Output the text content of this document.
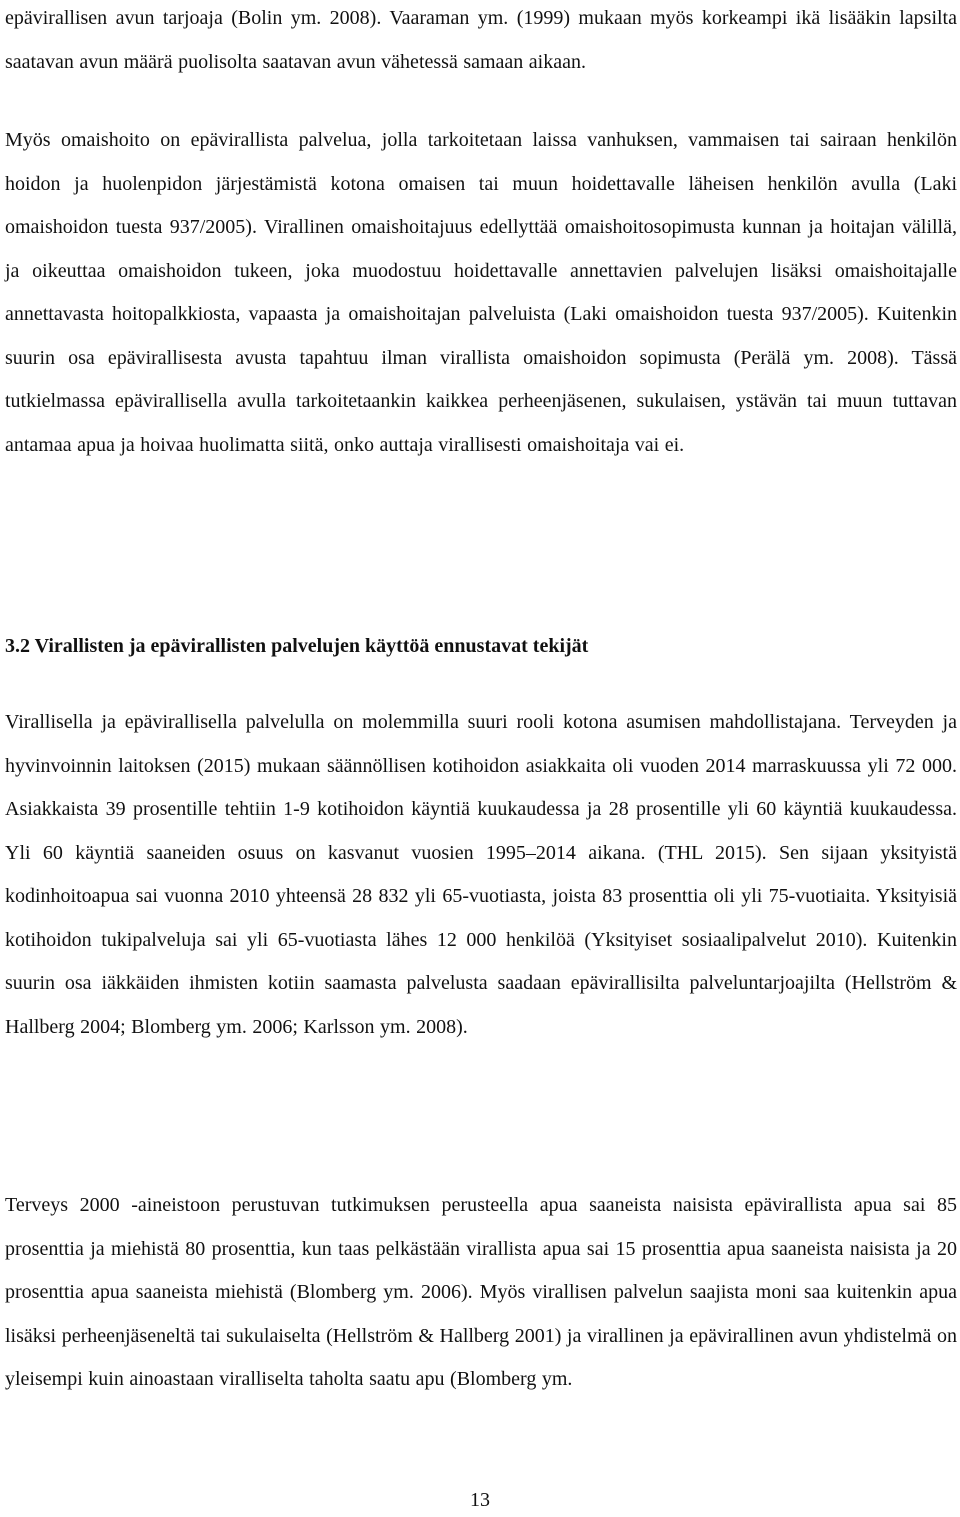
epävirallisen avun tarjoaja (Bolin ym. 2008). Vaaraman ym. (1999) mukaan myös korkeampi ikä lisääkin lapsilta saatavan avun määrä puolisolta saatavan avun vähetessä samaan aikaan.

Myös omaishoito on epävirallista palvelua, jolla tarkoitetaan laissa vanhuksen, vammaisen tai sairaan henkilön hoidon ja huolenpidon järjestämistä kotona omaisen tai muun hoidettavalle läheisen henkilön avulla (Laki omaishoidon tuesta 937/2005). Virallinen omaishoitajuus edellyttää omaishoitosopimusta kunnan ja hoitajan välillä, ja oikeuttaa omaishoidon tukeen, joka muodostuu hoidettavalle annettavien palvelujen lisäksi omaishoitajalle annettavasta hoitopalkkiosta, vapaasta ja omaishoitajan palveluista (Laki omaishoidon tuesta 937/2005). Kuitenkin suurin osa epävirallisesta avusta tapahtuu ilman virallista omaishoidon sopimusta (Perälä ym. 2008). Tässä tutkielmassa epävirallisella avulla tarkoitetaankin kaikkea perheenjäsenen, sukulaisen, ystävän tai muun tuttavan antamaa apua ja hoivaa huolimatta siitä, onko auttaja virallisesti omaishoitaja vai ei.

3.2 Virallisten ja epävirallisten palvelujen käyttöä ennustavat tekijät

Virallisella ja epävirallisella palvelulla on molemmilla suuri rooli kotona asumisen mahdollistajana. Terveyden ja hyvinvoinnin laitoksen (2015) mukaan säännöllisen kotihoidon asiakkaita oli vuoden 2014 marraskuussa yli 72 000. Asiakkaista 39 prosentille tehtiin 1-9 kotihoidon käyntiä kuukaudessa ja 28 prosentille yli 60 käyntiä kuukaudessa. Yli 60 käyntiä saaneiden osuus on kasvanut vuosien 1995–2014 aikana. (THL 2015). Sen sijaan yksityistä kodinhoitoapua sai vuonna 2010 yhteensä 28 832 yli 65-vuotiasta, joista 83 prosenttia oli yli 75-vuotiaita. Yksityisiä kotihoidon tukipalveluja sai yli 65-vuotiasta lähes 12 000 henkilöä (Yksityiset sosiaalipalvelut 2010). Kuitenkin suurin osa iäkkäiden ihmisten kotiin saamasta palvelusta saadaan epävirallisilta palveluntarjoajilta (Hellström & Hallberg 2004; Blomberg ym. 2006; Karlsson ym. 2008).

Terveys 2000 -aineistoon perustuvan tutkimuksen perusteella apua saaneista naisista epävirallista apua sai 85 prosenttia ja miehistä 80 prosenttia, kun taas pelkästään virallista apua sai 15 prosenttia apua saaneista naisista ja 20 prosenttia apua saaneista miehistä (Blomberg ym. 2006). Myös virallisen palvelun saajista moni saa kuitenkin apua lisäksi perheenjäseneltä tai sukulaiselta (Hellström & Hallberg 2001) ja virallinen ja epävirallinen avun yhdistelmä on yleisempi kuin ainoastaan viralliselta taholta saatu apu (Blomberg ym.

13
